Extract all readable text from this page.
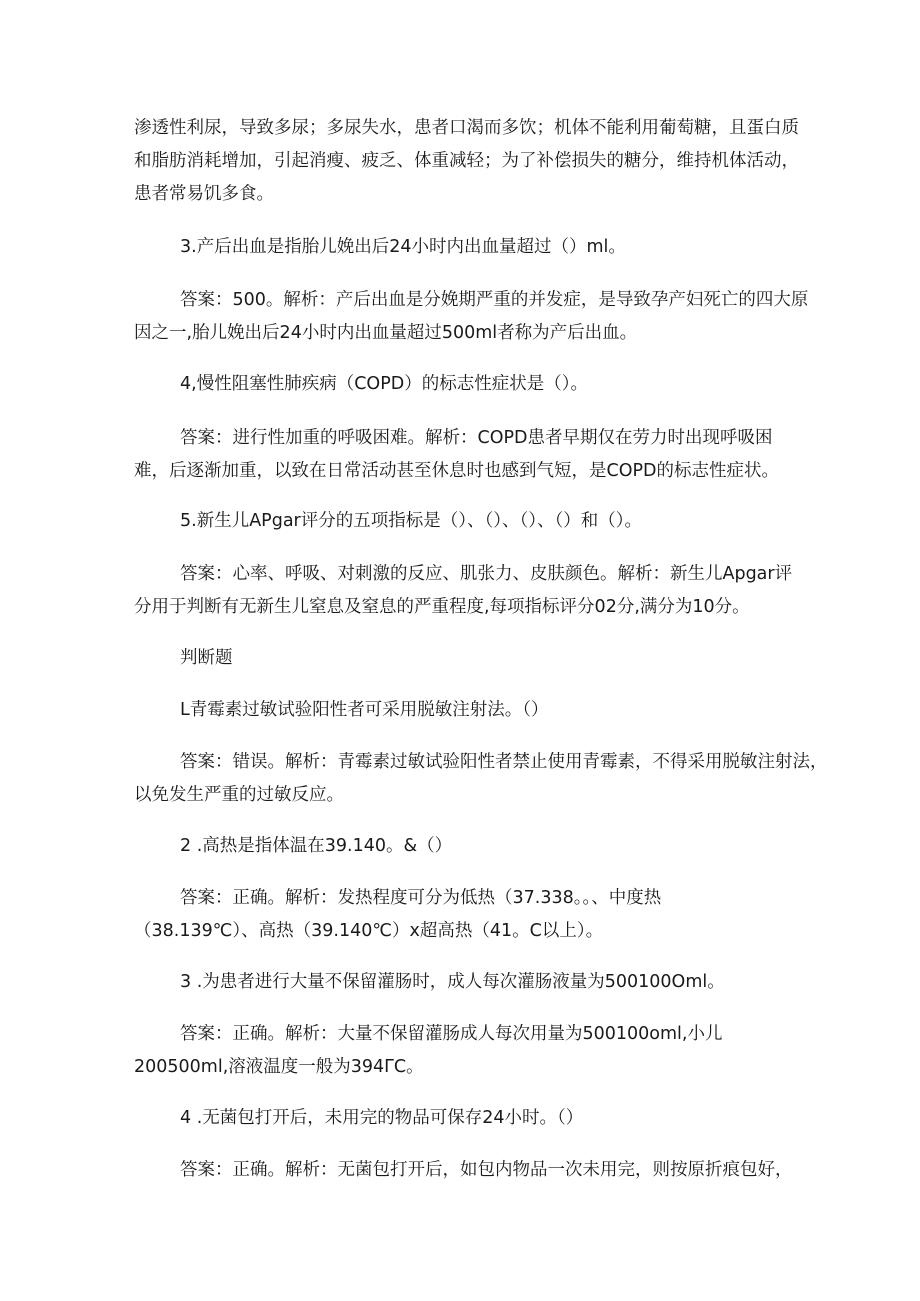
渗透性利尿，导致多尿；多尿失水，患者口渴而多饮；机体不能利用葡萄糖，且蛋白质
和脂肪消耗增加，引起消瘦、疲乏、体重减轻；为了补偿损失的糖分，维持机体活动，
患者常易饥多食。

3.产后出血是指胎儿娩出后24小时内出血量超过（）ml。

答案：500。解析：产后出血是分娩期严重的并发症，是导致孕产妇死亡的四大原
因之一,胎儿娩出后24小时内出血量超过500ml者称为产后出血。

4,慢性阻塞性肺疾病（COPD）的标志性症状是（）。

答案：进行性加重的呼吸困难。解析：COPD患者早期仅在劳力时出现呼吸困
难，后逐渐加重，以致在日常活动甚至休息时也感到气短，是COPD的标志性症状。

5.新生儿APgar评分的五项指标是（）、（）、（）、（）和（）。

答案：心率、呼吸、对刺激的反应、肌张力、皮肤颜色。解析：新生儿Apgar评
分用于判断有无新生儿窒息及窒息的严重程度,每项指标评分02分,满分为10分。

判断题

L青霉素过敏试验阳性者可采用脱敏注射法。（）

答案：错误。解析：青霉素过敏试验阳性者禁止使用青霉素，不得采用脱敏注射法，
以免发生严重的过敏反应。

2 .高热是指体温在39.140。&（）

答案：正确。解析：发热程度可分为低热（37.338。。、中度热
（38.139℃）、高热（39.140℃）x超高热（41。C以上）。

3 .为患者进行大量不保留灌肠时，成人每次灌肠液量为500100Oml。

答案：正确。解析：大量不保留灌肠成人每次用量为500100oml,小儿
200500ml,溶液温度一般为394ΓC。

4 .无菌包打开后，未用完的物品可保存24小时。（）

答案：正确。解析：无菌包打开后，如包内物品一次未用完，则按原折痕包好，
